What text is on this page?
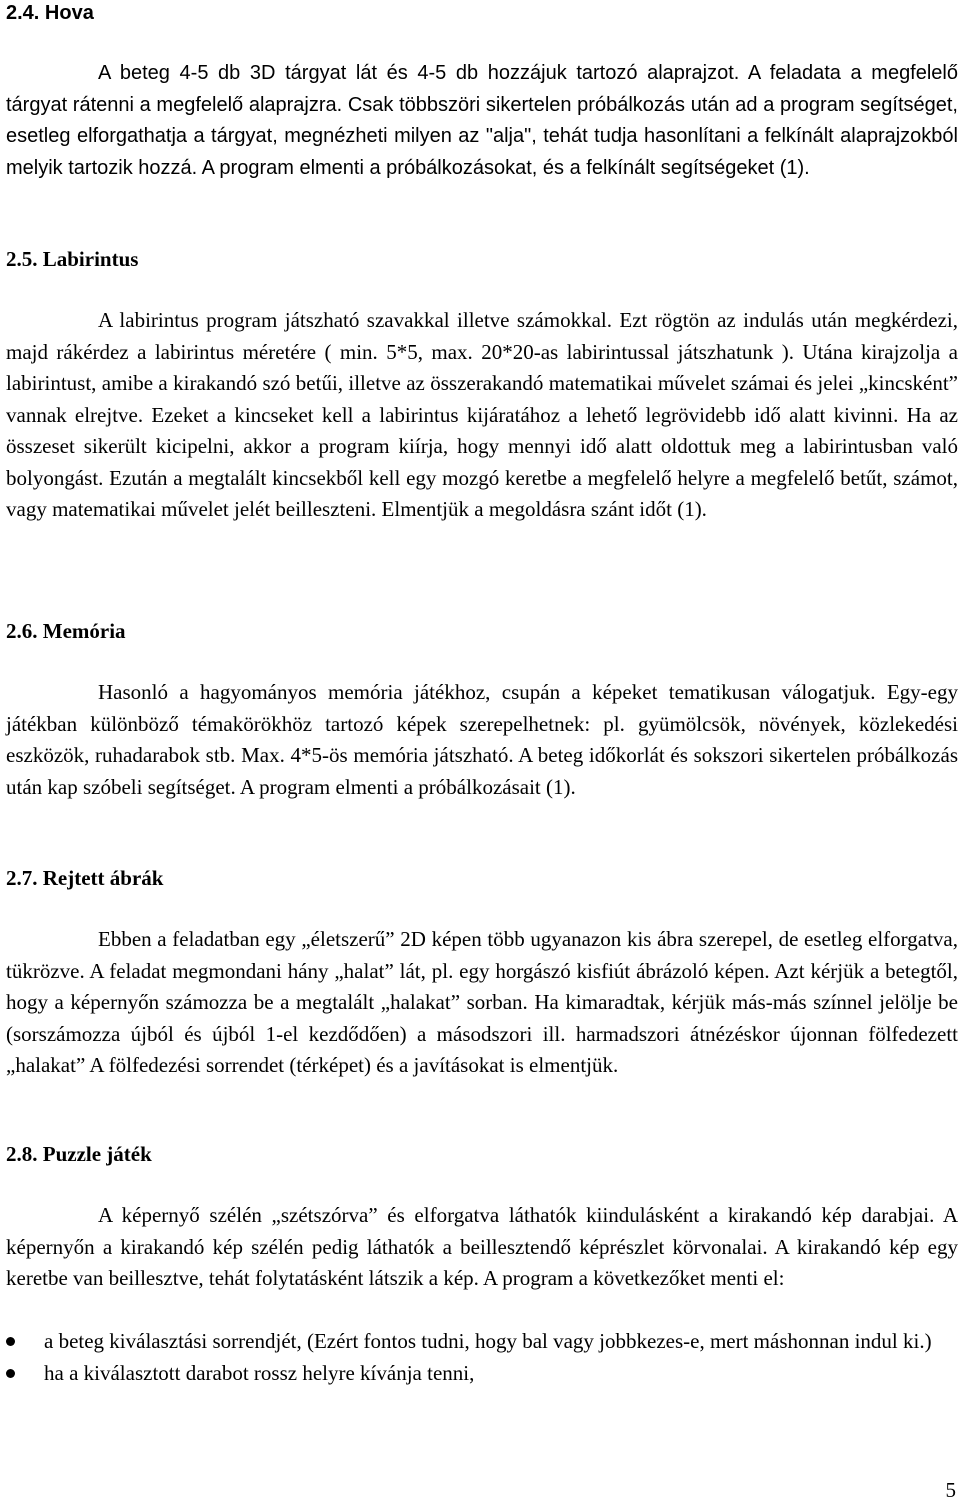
2.4. Hova

A beteg 4-5 db 3D tárgyat lát és 4-5 db hozzájuk tartozó alaprajzot. A feladata a megfelelő tárgyat rátenni a megfelelő alaprajzra. Csak többszöri sikertelen próbálkozás után ad a program segítséget, esetleg elforgathatja a tárgyat, megnézheti milyen az "alja", tehát tudja hasonlítani a felkínált alaprajzokból melyik tartozik hozzá. A program elmenti a próbálkozásokat, és a felkínált segítségeket (1).

2.5. Labirintus

A labirintus program játszható szavakkal illetve számokkal. Ezt rögtön az indulás után megkérdezi, majd rákérdez a labirintus méretére ( min. 5*5, max. 20*20-as labirintussal játszhatunk ). Utána kirajzolja a labirintust, amibe a kirakandó szó betűi, illetve az összerakandó matematikai művelet számai és jelei „kincsként” vannak elrejtve. Ezeket a kincseket kell a labirintus kijáratához a lehető legrövidebb idő alatt kivinni. Ha az összeset sikerült kicipelni, akkor a program kiírja, hogy mennyi idő alatt oldottuk meg a labirintusban való bolyongást. Ezután a megtalált kincsekből kell egy mozgó keretbe a megfelelő helyre a megfelelő betűt, számot, vagy matematikai művelet jelét beilleszteni. Elmentjük a megoldásra szánt időt (1).

2.6. Memória

Hasonló a hagyományos memória játékhoz, csupán a képeket tematikusan válogatjuk. Egy-egy játékban különböző témakörökhöz tartozó képek szerepelhetnek: pl. gyümölcsök, növények, közlekedési eszközök, ruhadarabok stb. Max. 4*5-ös memória játszható. A beteg időkorlát és sokszori sikertelen próbálkozás után kap szóbeli segítséget. A program elmenti a próbálkozásait (1).

2.7. Rejtett ábrák

Ebben a feladatban egy „életszerű” 2D képen több ugyanazon kis ábra szerepel, de esetleg elforgatva, tükrözve. A feladat megmondani hány „halat” lát, pl. egy horgászó kisfiút ábrázoló képen. Azt kérjük a betegtől, hogy a képernyőn számozza be a megtalált „halakat” sorban. Ha kimaradtak, kérjük más-más színnel jelölje be (sorszámozza újból és újból 1-el kezdődően) a másodszori ill. harmadszori átnézéskor újonnan fölfedezett „halakat” A fölfedezési sorrendet (térképet) és a javításokat is elmentjük.

2.8. Puzzle játék

A képernyő szélén „szétszórva” és elforgatva láthatók kiindulásként a kirakandó kép darabjai. A képernyőn a kirakandó kép szélén pedig láthatók a beillesztendő képrészlet körvonalai. A kirakandó kép egy keretbe van beillesztve, tehát folytatásként látszik a kép. A program a következőket menti el:

a beteg kiválasztási sorrendjét, (Ezért fontos tudni, hogy bal vagy jobbkezes-e, mert máshonnan indul ki.)
ha a kiválasztott darabot rossz helyre kívánja tenni,
5
